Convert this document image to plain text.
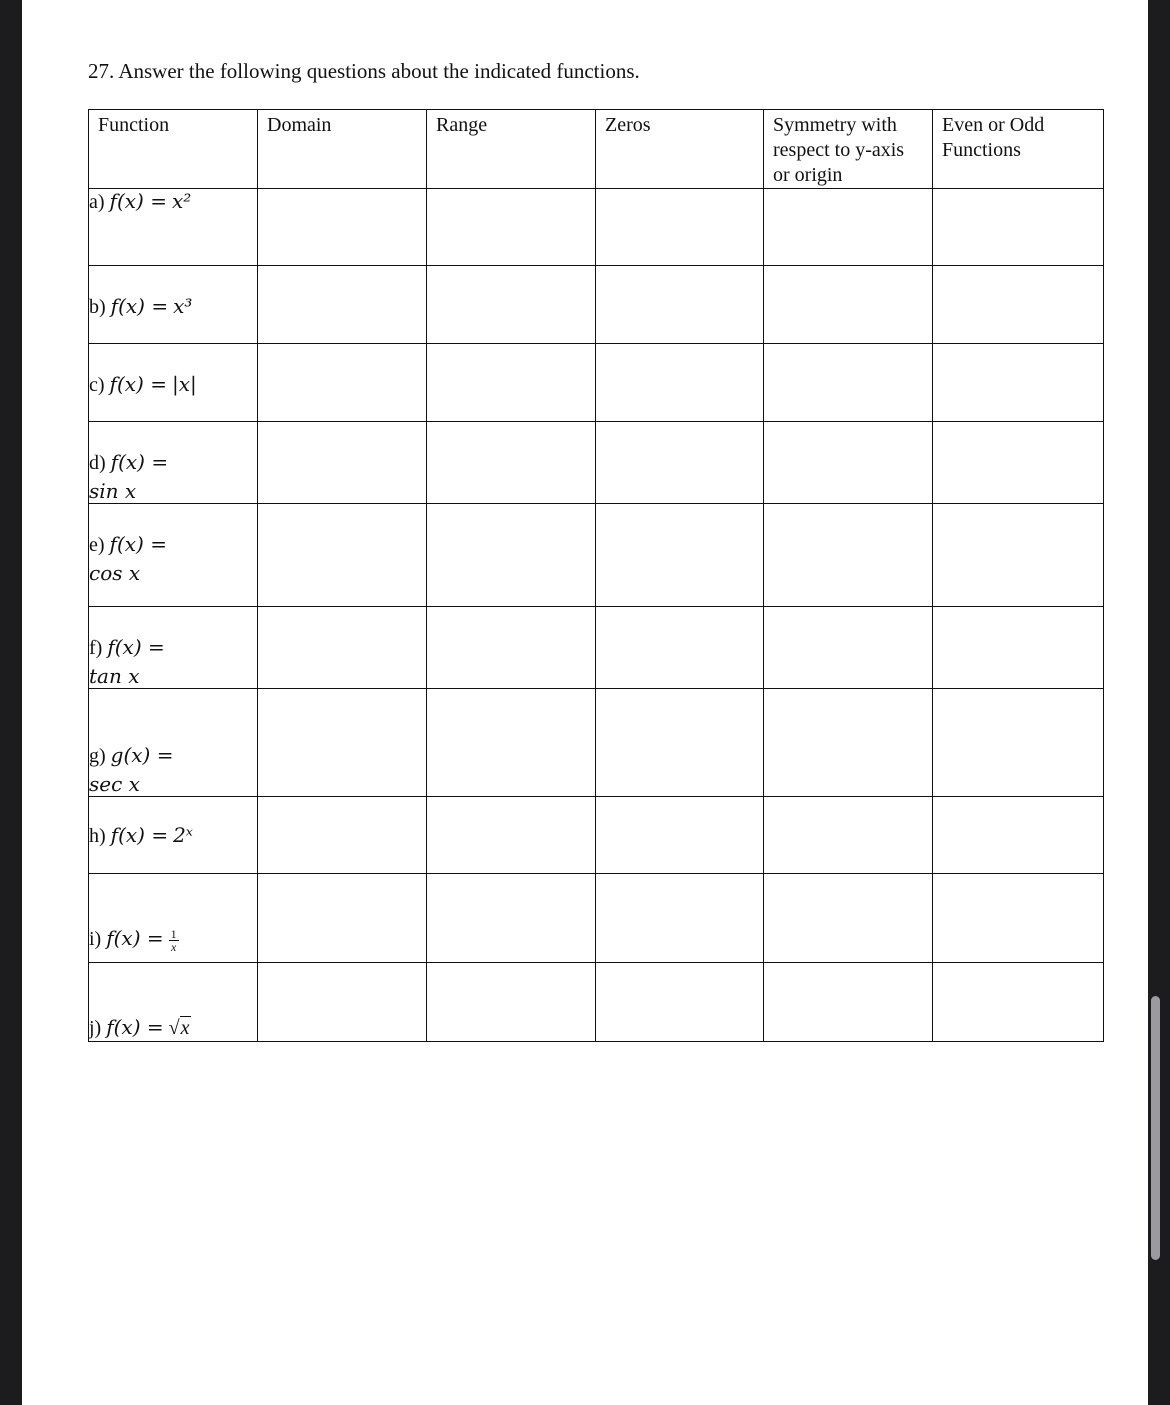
27. Answer the following questions about the indicated functions.
Function	Domain	Range	Zeros	Symmetry with
respect to y-axis
or origin	Even or Odd
Functions
a) f(x) = x²					
b) f(x) = x³					
c) f(x) = |x|					
d) f(x) =
sin x					

e) f(x) =
cos x					

f) f(x) =
tan x					

g) g(x) =
sec x					

h) f(x) = 2ˣ					
i) $f(x) = \frac{1}{x}$

j) f(x) = √x					
